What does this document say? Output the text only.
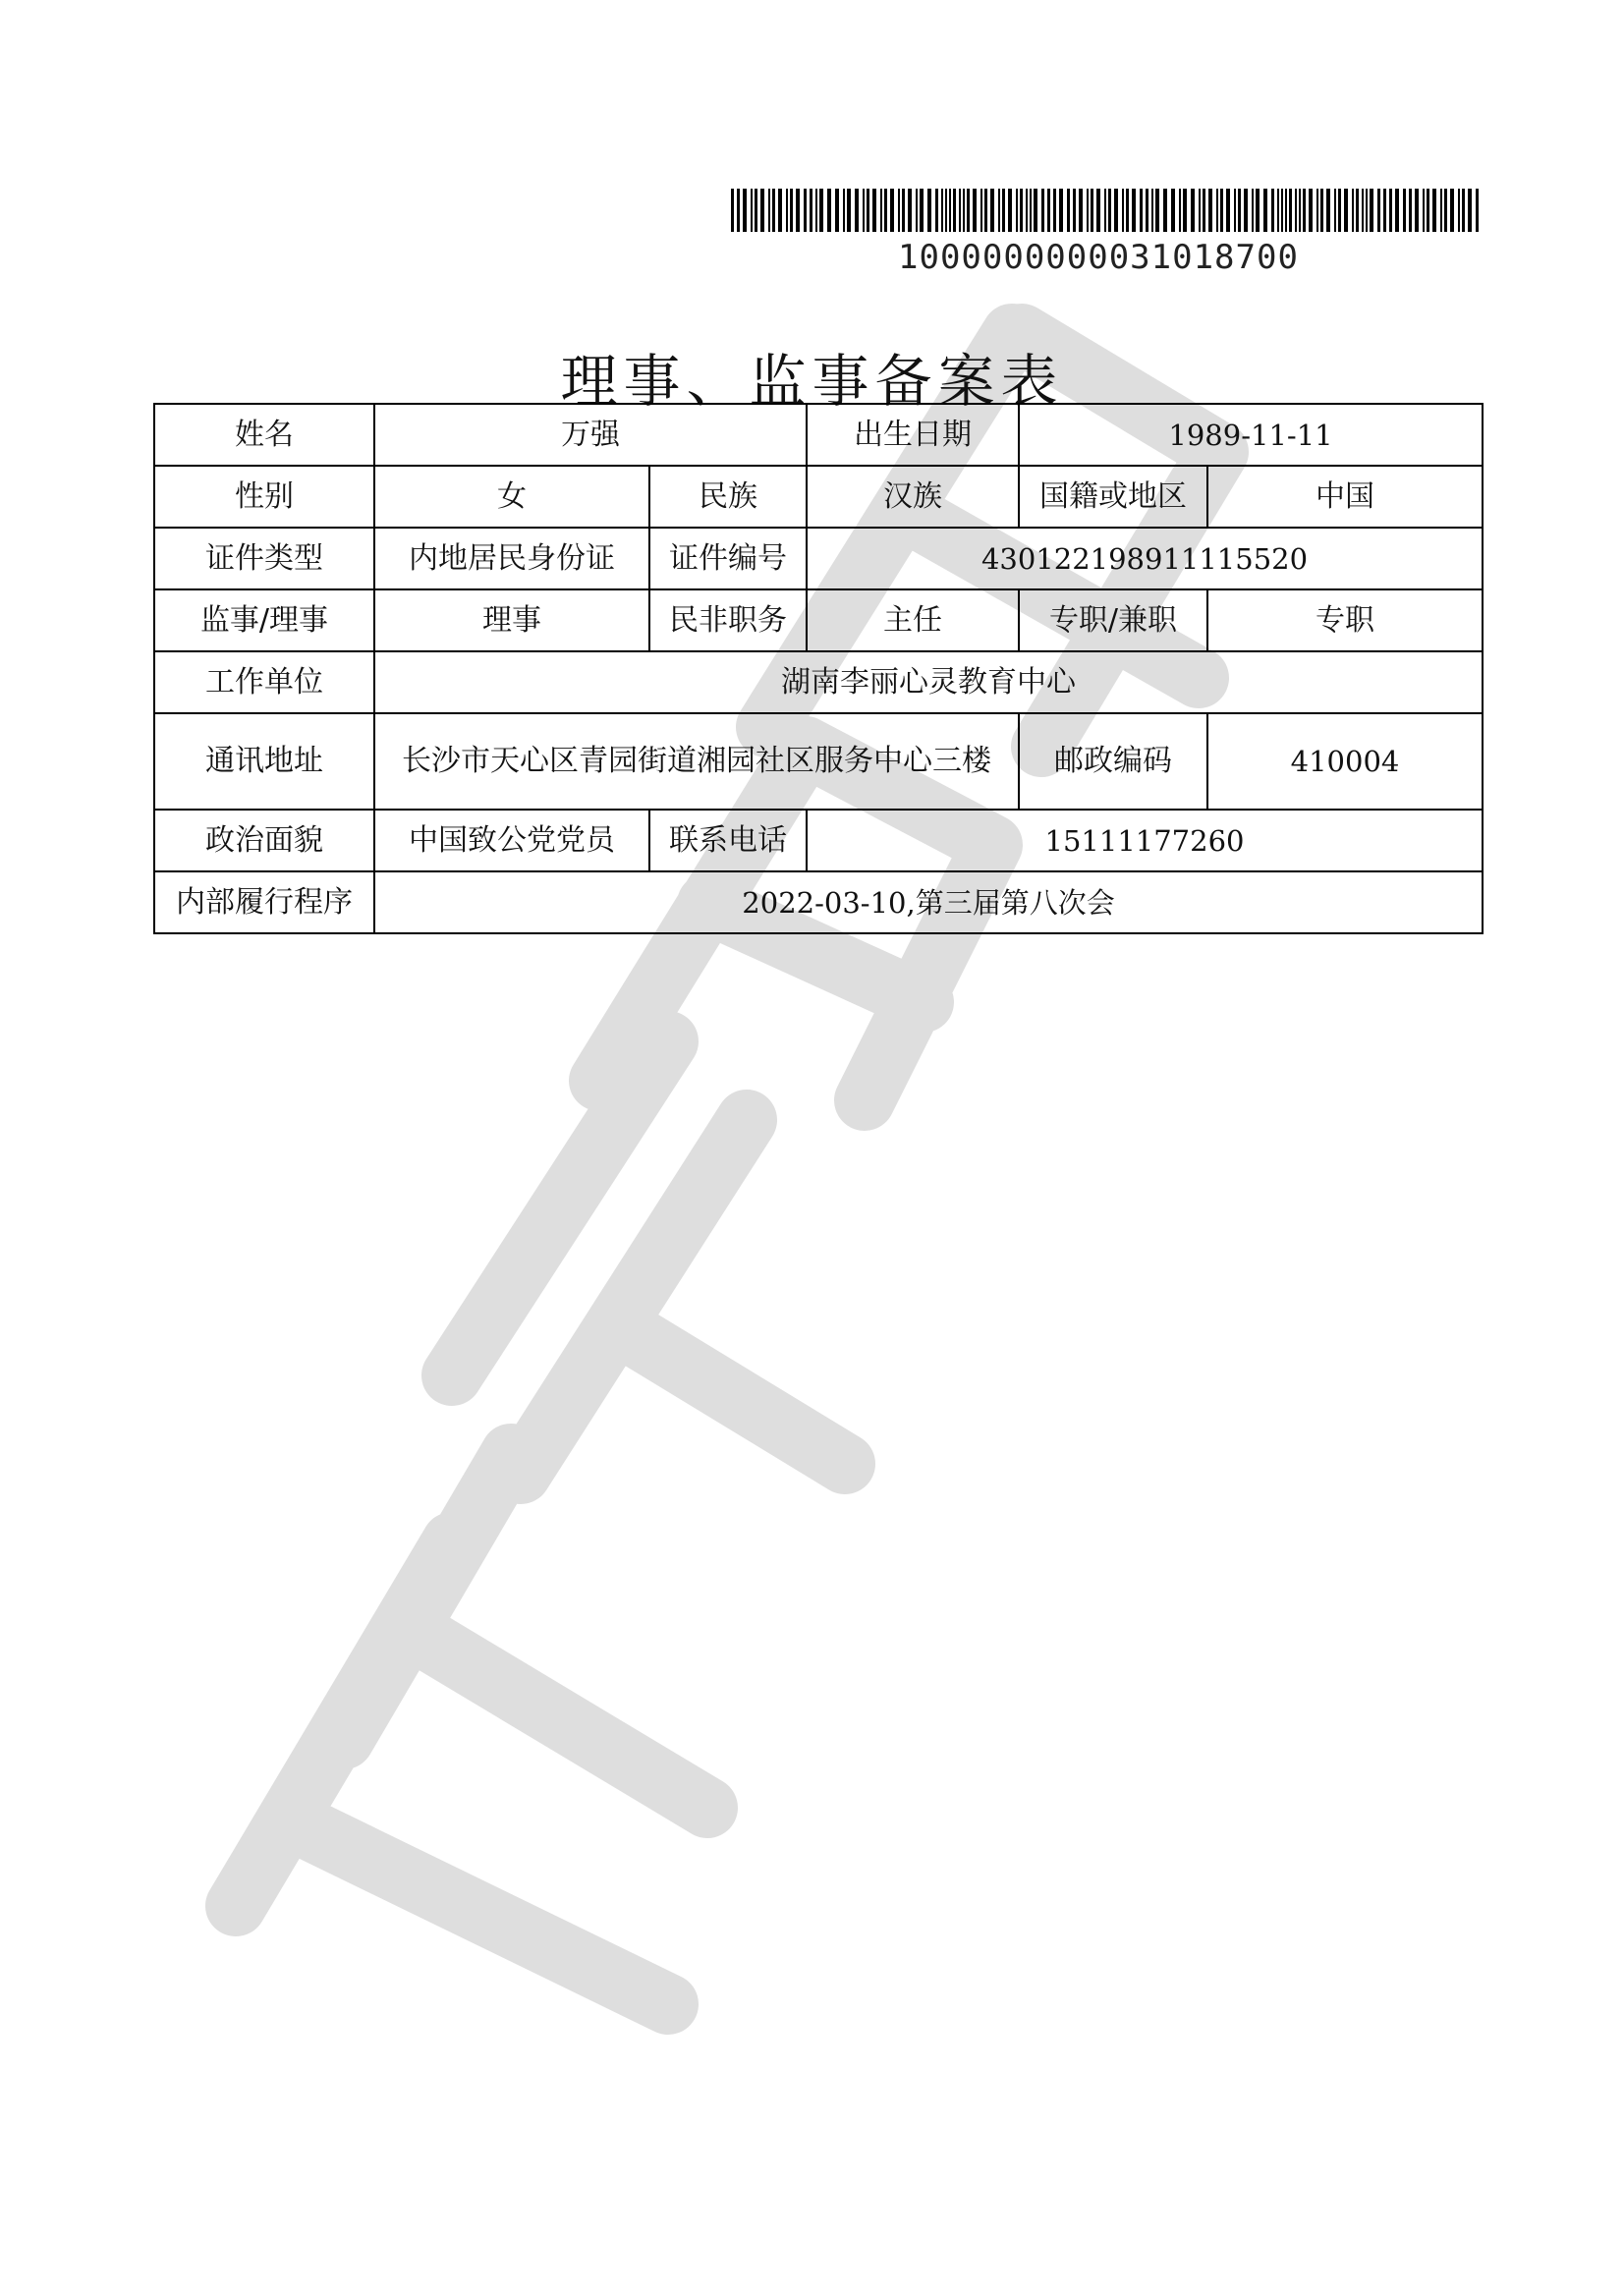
1000000000031018700
理事、监事备案表
姓名	万强		出生日期	1989-11-11	
性别	女	民族	汉族	国籍或地区	中国
证件类型	内地居民身份证	证件编号	430122198911115520		
监事/理事	理事	民非职务	主任	专职/兼职	专职
工作单位	湖南李丽心灵教育中心				
通讯地址	长沙市天心区青园街道湘园社区服务中心三楼			邮政编码	410004
政治面貌	中国致公党党员	联系电话	15111177260		
内部履行程序	2022-03-10,第三届第八次会				
